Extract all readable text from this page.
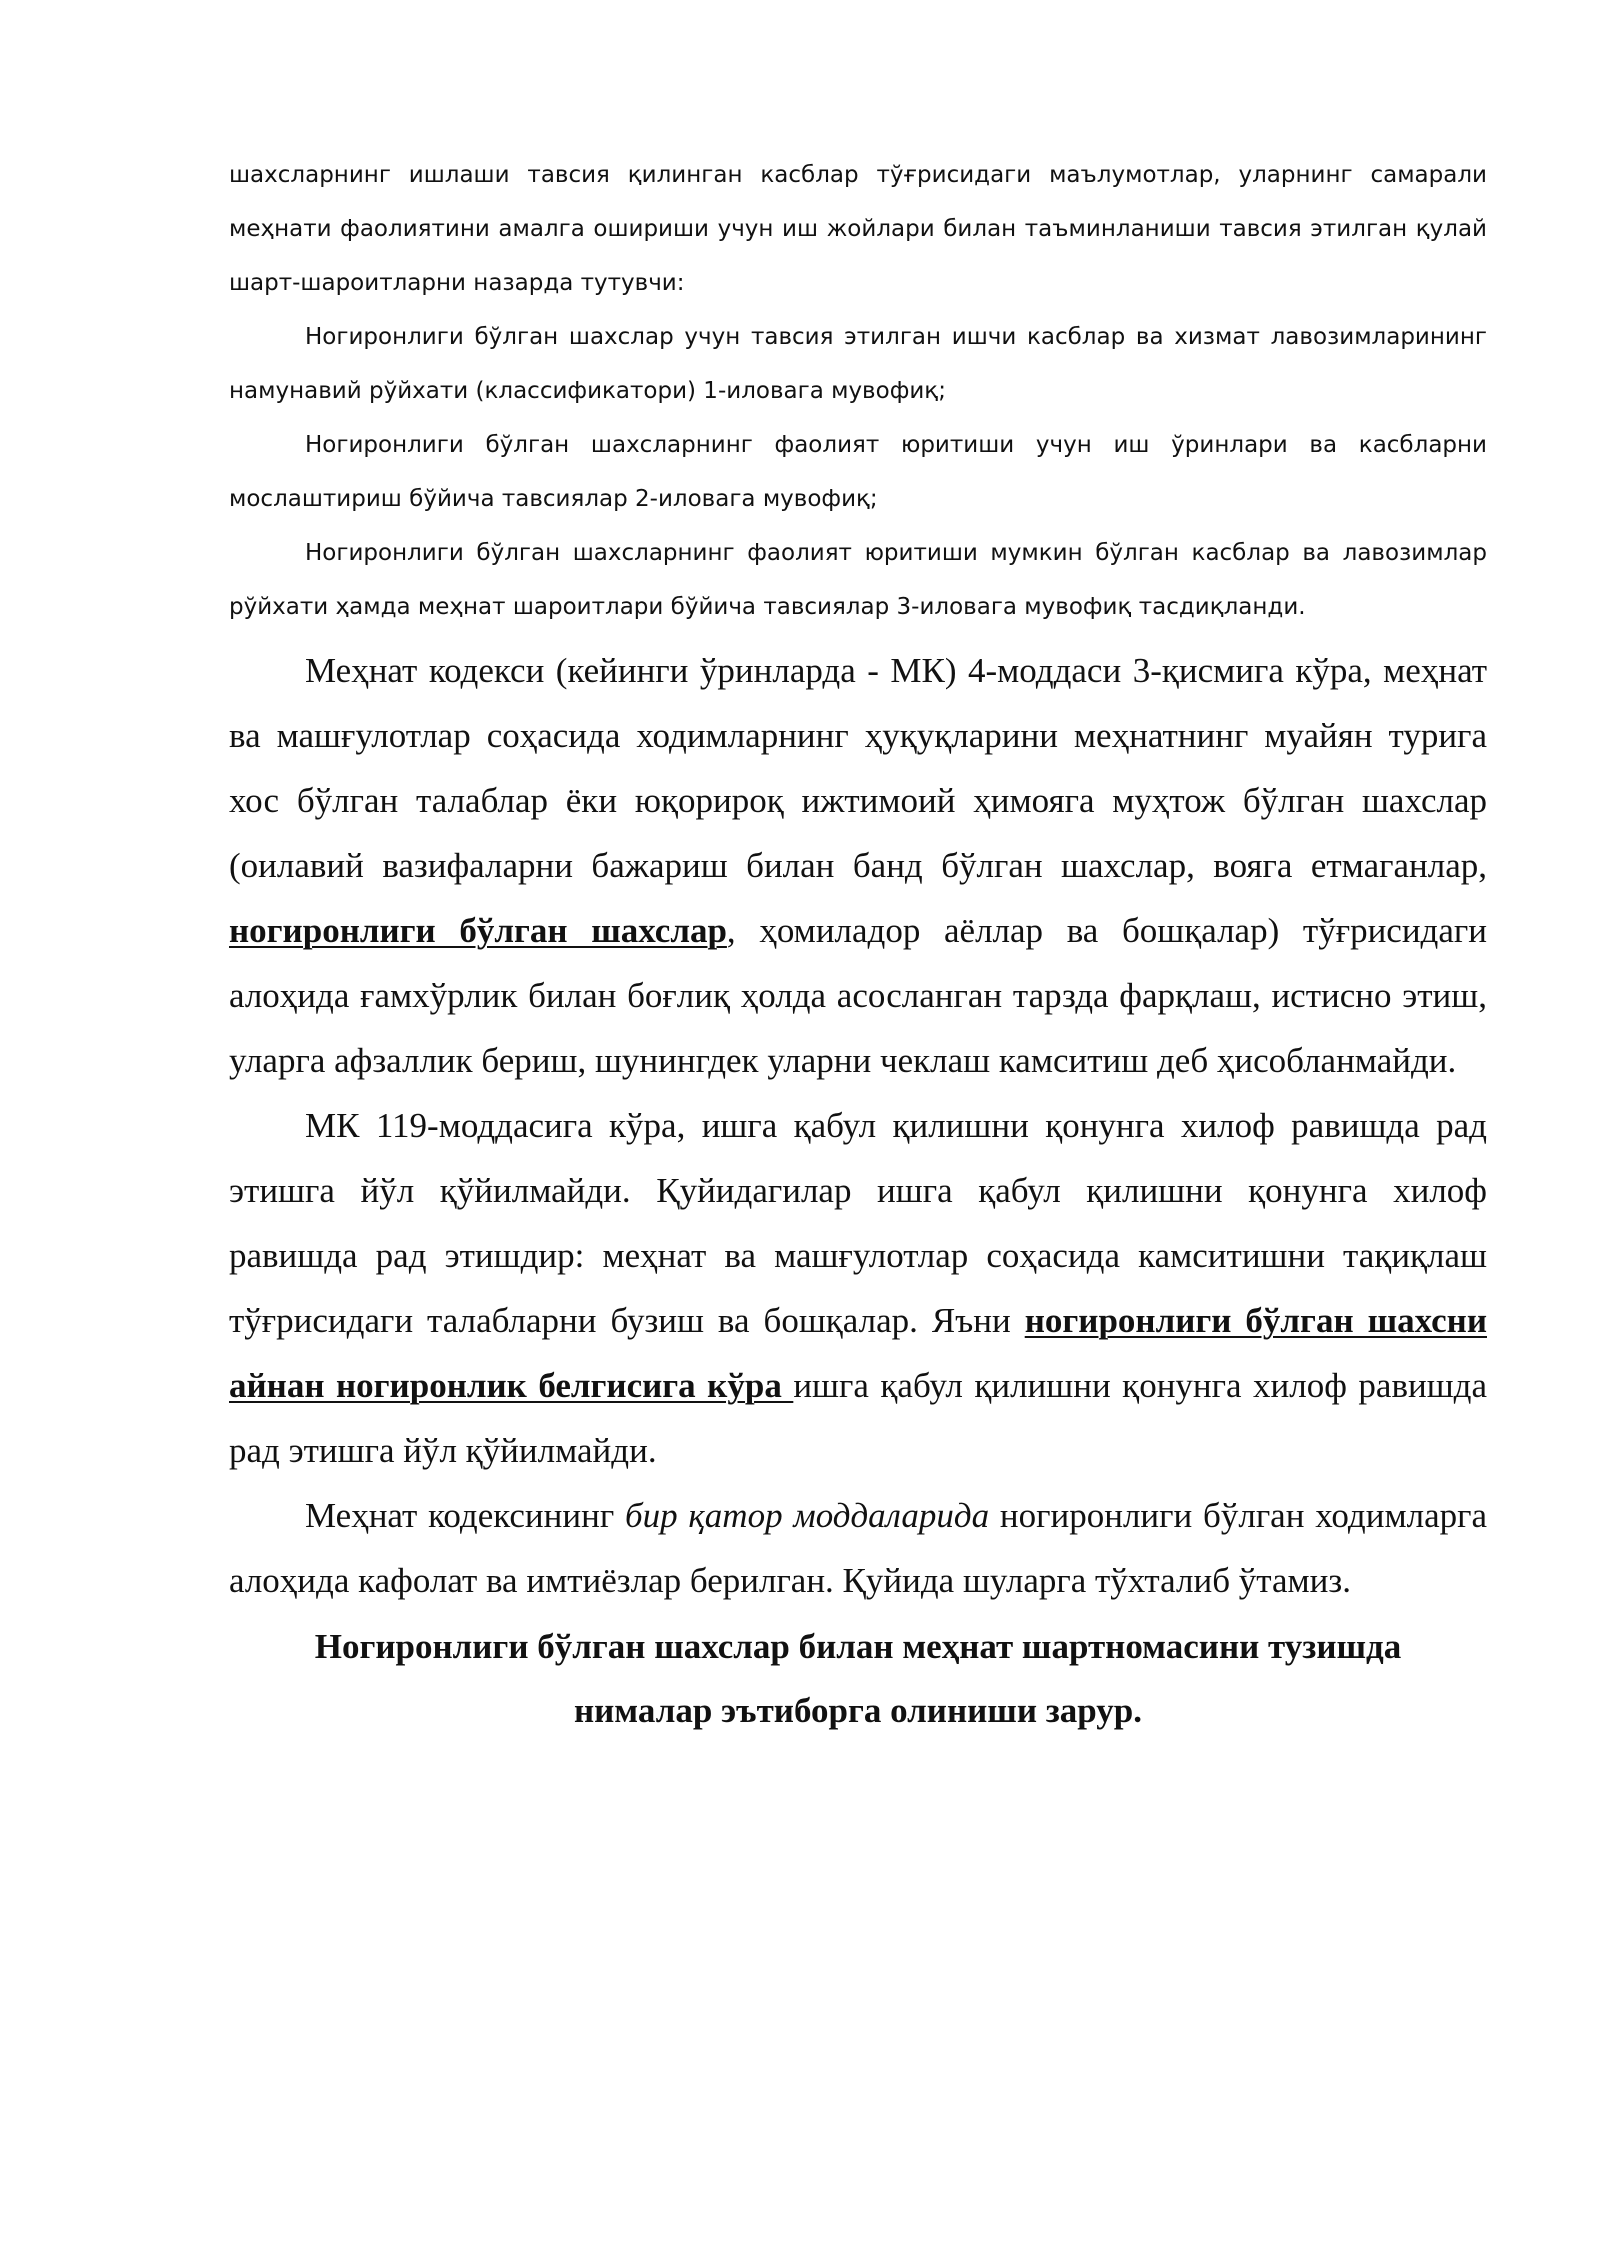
шахсларнинг ишлаши тавсия қилинган касблар тўғрисидаги маълумотлар, уларнинг самарали меҳнати фаолиятини амалга ошириши учун иш жойлари билан таъминланиши тавсия этилган қулай шарт-шароитларни назарда тутувчи:

Ногиронлиги бўлган шахслар учун тавсия этилган ишчи касблар ва хизмат лавозимларининг намунавий рўйхати (классификатори) 1-иловага мувофиқ;

Ногиронлиги бўлган шахсларнинг фаолият юритиши учун иш ўринлари ва касбларни мослаштириш бўйича тавсиялар 2-иловага мувофиқ;

Ногиронлиги бўлган шахсларнинг фаолият юритиши мумкин бўлган касблар ва лавозимлар рўйхати ҳамда меҳнат шароитлари бўйича тавсиялар 3-иловага мувофиқ тасдиқланди.

Меҳнат кодекси (кейинги ўринларда - МК) 4-моддаси 3-қисмига кўра, меҳнат ва машғулотлар соҳасида ходимларнинг ҳуқуқларини меҳнатнинг муайян турига хос бўлган талаблар ёки юқорироқ ижтимоий ҳимояга муҳтож бўлган шахслар (оилавий вазифаларни бажариш билан банд бўлган шахслар, вояга етмаганлар, ногиронлиги бўлган шахслар, ҳомиладор аёллар ва бошқалар) тўғрисидаги алоҳида ғамхўрлик билан боғлиқ ҳолда асосланган тарзда фарқлаш, истисно этиш, уларга афзаллик бериш, шунингдек уларни чеклаш камситиш деб ҳисобланмайди.

МК 119-моддасига кўра, ишга қабул қилишни қонунга хилоф равишда рад этишга йўл қўйилмайди. Қуйидагилар ишга қабул қилишни қонунга хилоф равишда рад этишдир: меҳнат ва машғулотлар соҳасида камситишни тақиқлаш тўғрисидаги талабларни бузиш ва бошқалар. Яъни ногиронлиги бўлган шахсни айнан ногиронлик белгисига кўра ишга қабул қилишни қонунга хилоф равишда рад этишга йўл қўйилмайди.

Меҳнат кодексининг бир қатор моддаларида ногиронлиги бўлган ходимларга алоҳида кафолат ва имтиёзлар берилган. Қуйида шуларга тўхталиб ўтамиз.

Ногиронлиги бўлган шахслар билан меҳнат шартномасини тузишда нималар эътиборга олиниши зарур.
